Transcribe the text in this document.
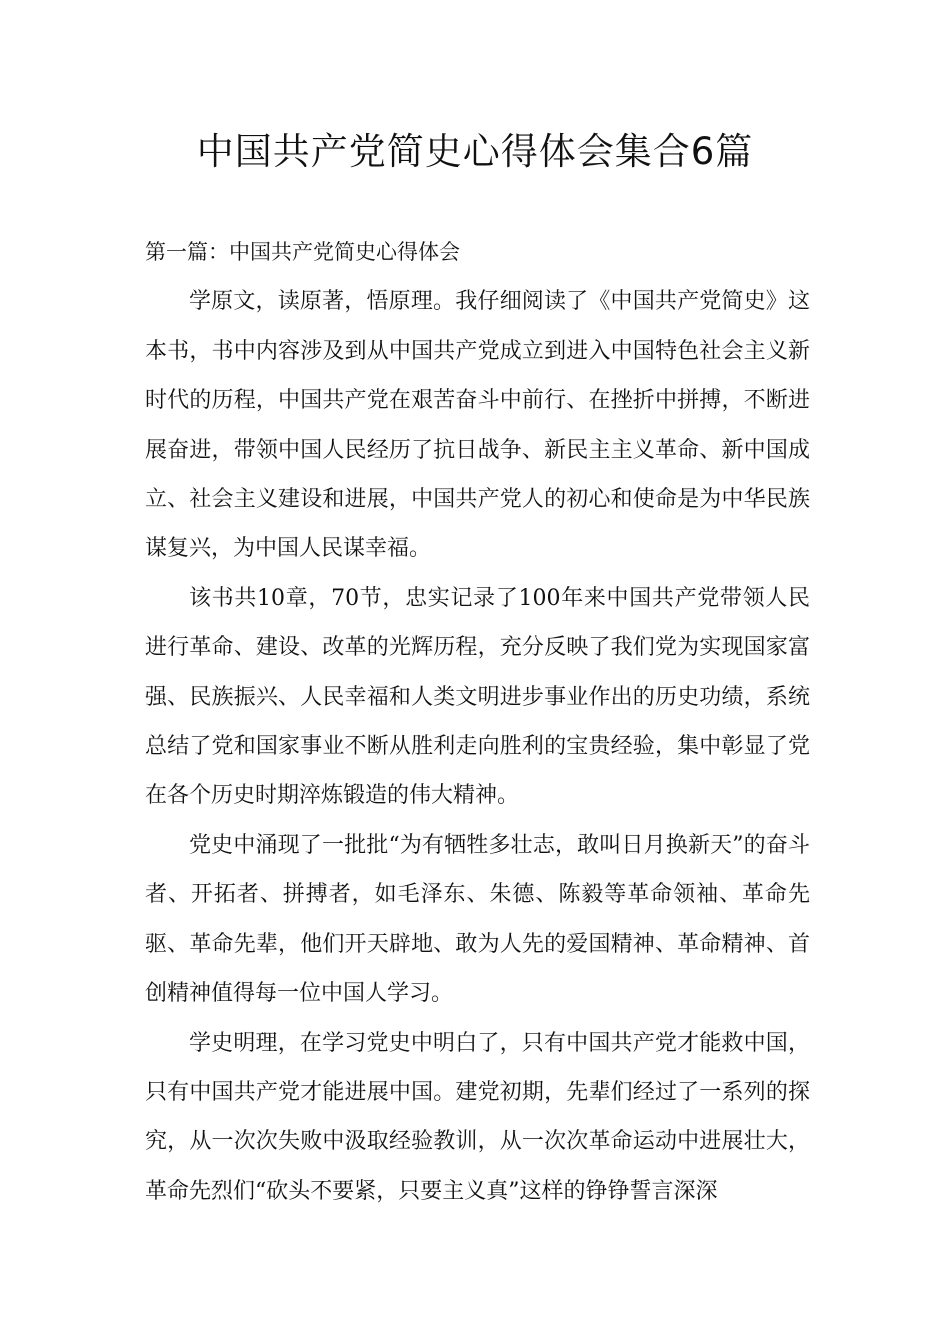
中国共产党简史心得体会集合6篇

第一篇：中国共产党简史心得体会

学原文，读原著，悟原理。我仔细阅读了《中国共产党简史》这本书，书中内容涉及到从中国共产党成立到进入中国特色社会主义新时代的历程，中国共产党在艰苦奋斗中前行、在挫折中拼搏，不断进展奋进，带领中国人民经历了抗日战争、新民主主义革命、新中国成立、社会主义建设和进展，中国共产党人的初心和使命是为中华民族谋复兴，为中国人民谋幸福。

该书共10章，70节，忠实记录了100年来中国共产党带领人民进行革命、建设、改革的光辉历程，充分反映了我们党为实现国家富强、民族振兴、人民幸福和人类文明进步事业作出的历史功绩，系统总结了党和国家事业不断从胜利走向胜利的宝贵经验，集中彰显了党在各个历史时期淬炼锻造的伟大精神。

党史中涌现了一批批“为有牺牲多壮志，敢叫日月换新天”的奋斗者、开拓者、拼搏者，如毛泽东、朱德、陈毅等革命领袖、革命先驱、革命先辈，他们开天辟地、敢为人先的爱国精神、革命精神、首创精神值得每一位中国人学习。

学史明理，在学习党史中明白了，只有中国共产党才能救中国，只有中国共产党才能进展中国。建党初期，先辈们经过了一系列的探究，从一次次失败中汲取经验教训，从一次次革命运动中进展壮大，革命先烈们“砍头不要紧，只要主义真”这样的铮铮誓言深深
